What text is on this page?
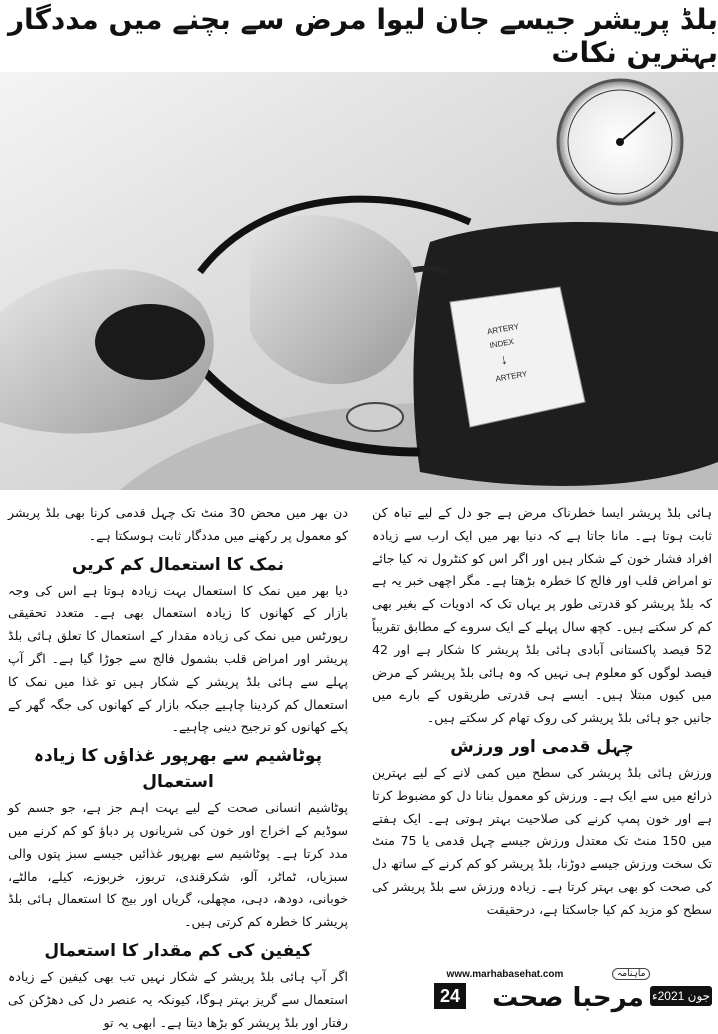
بلڈ پریشر جیسے جان لیوا مرض سے بچنے میں مددگار بہترین نکات
ARTERY
INDEX
↓
ARTERY

ہائی بلڈ پریشر ایسا خطرناک مرض ہے جو دل کے لیے تباہ کن ثابت ہوتا ہے۔ مانا جاتا ہے کہ دنیا بھر میں ایک ارب سے زیادہ افراد فشار خون کے شکار ہیں اور اگر اس کو کنٹرول نہ کیا جائے تو امراض قلب اور فالج کا خطرہ بڑھتا ہے۔ مگر اچھی خبر یہ ہے کہ بلڈ پریشر کو قدرتی طور پر یہاں تک کہ ادویات کے بغیر بھی کم کر سکتے ہیں۔ کچھ سال پہلے کے ایک سروے کے مطابق تقریباً 52 فیصد پاکستانی آبادی ہائی بلڈ پریشر کا شکار ہے اور 42 فیصد لوگوں کو معلوم ہی نہیں کہ وہ ہائی بلڈ پریشر کے مرض میں کیوں مبتلا ہیں۔ ایسے ہی قدرتی طریقوں کے بارے میں جانیں جو ہائی بلڈ پریشر کی روک تھام کر سکتے ہیں۔

چہل قدمی اور ورزش

ورزش ہائی بلڈ پریشر کی سطح میں کمی لانے کے لیے بہترین ذرائع میں سے ایک ہے۔ ورزش کو معمول بنانا دل کو مضبوط کرتا ہے اور خون پمپ کرنے کی صلاحیت بہتر ہوتی ہے۔ ایک ہفتے میں 150 منٹ تک معتدل ورزش جیسے چہل قدمی یا 75 منٹ تک سخت ورزش جیسے دوڑنا، بلڈ پریشر کو کم کرنے کے ساتھ دل کی صحت کو بھی بہتر کرتا ہے۔ زیادہ ورزش سے بلڈ پریشر کی سطح کو مزید کم کیا جاسکتا ہے، درحقیقت

دن بھر میں محض 30 منٹ تک چہل قدمی کرنا بھی بلڈ پریشر کو معمول پر رکھنے میں مددگار ثابت ہوسکتا ہے۔

نمک کا استعمال کم کریں

دیا بھر میں نمک کا استعمال بہت زیادہ ہوتا ہے اس کی وجہ بازار کے کھانوں کا زیادہ استعمال بھی ہے۔ متعدد تحقیقی رپورٹس میں نمک کی زیادہ مقدار کے استعمال کا تعلق ہائی بلڈ پریشر اور امراض قلب بشمول فالج سے جوڑا گیا ہے۔ اگر آپ پہلے سے ہائی بلڈ پریشر کے شکار ہیں تو غذا میں نمک کا استعمال کم کردینا چاہیے جبکہ بازار کے کھانوں کی جگہ گھر کے پکے کھانوں کو ترجیح دینی چاہیے۔

پوٹاشیم سے بھرپور غذاؤں کا زیادہ استعمال

پوٹاشیم انسانی صحت کے لیے بہت اہم جز ہے، جو جسم کو سوڈیم کے اخراج اور خون کی شریانوں پر دباؤ کو کم کرنے میں مدد کرتا ہے۔ پوٹاشیم سے بھرپور غذائیں جیسے سبز پتوں والی سبزیاں، ٹماٹر، آلو، شکرقندی، تربوز، خربوزے، کیلے، مالٹے، خوبانی، دودھ، دہی، مچھلی، گریاں اور بیج کا استعمال ہائی بلڈ پریشر کا خطرہ کم کرتی ہیں۔

کیفین کی کم مقدار کا استعمال

اگر آپ ہائی بلڈ پریشر کے شکار نہیں تب بھی کیفین کے زیادہ استعمال سے گریز بہتر ہوگا، کیونکہ یہ عنصر دل کی دھڑکن کی رفتار اور بلڈ پریشر کو بڑھا دیتا ہے۔ ابھی یہ تو

www.marhabasehat.com
24	مرحبا صحت
ماہنامہ
جون 2021ء
